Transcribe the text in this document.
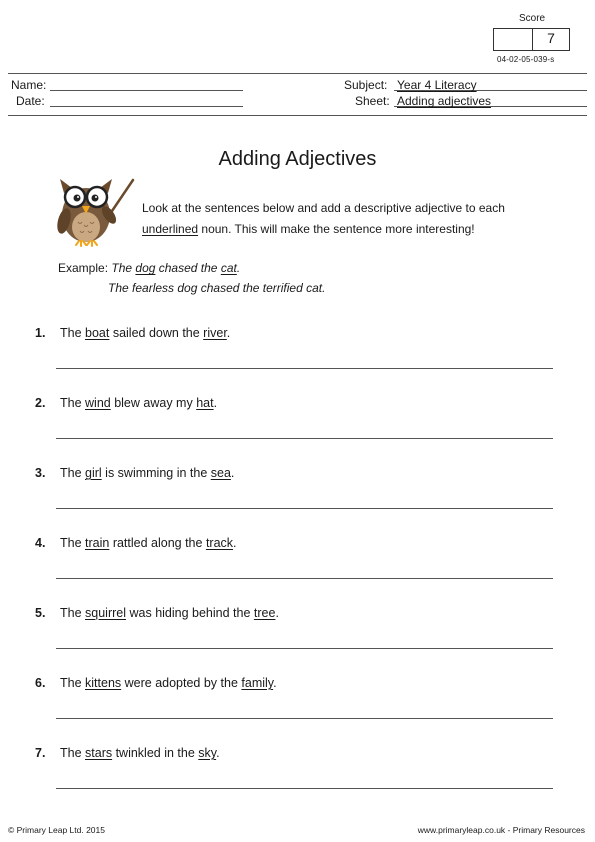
Score
7
04-02-05-039-s
Name:
Date:
Subject: Year 4 Literacy
Sheet: Adding adjectives
Adding Adjectives
Look at the sentences below and add a descriptive adjective to each
underlined noun. This will make the sentence more interesting!
Example: The dog chased the cat.
The fearless dog chased the terrified cat.
1. The boat sailed down the river.
2. The wind blew away my hat.
3. The girl is swimming in the sea.
4. The train rattled along the track.
5. The squirrel was hiding behind the tree.
6. The kittens were adopted by the family.
7. The stars twinkled in the sky.
© Primary Leap Ltd. 2015	www.primaryleap.co.uk - Primary Resources
